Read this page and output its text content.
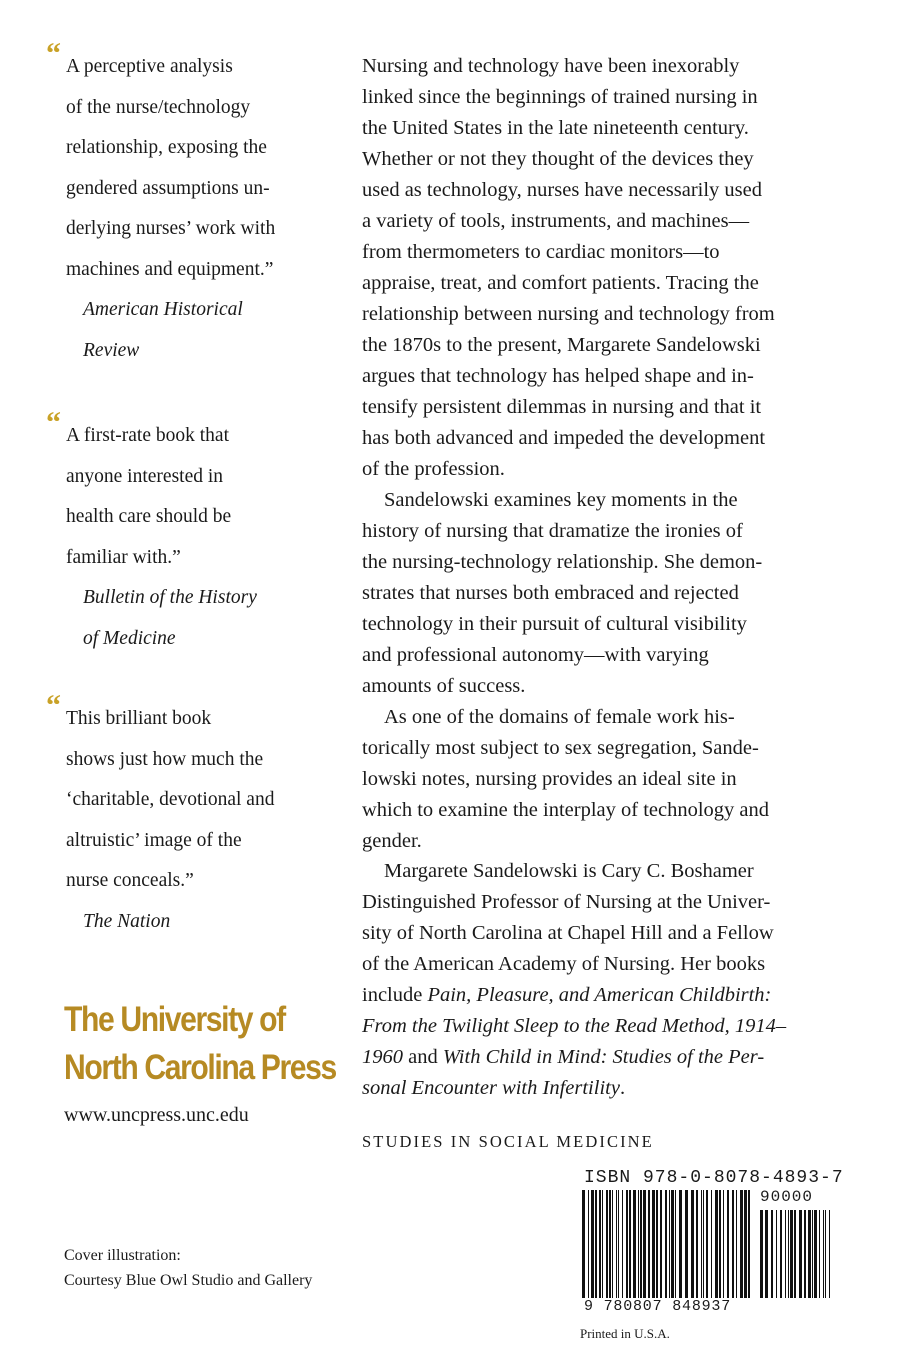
“ A perceptive analysis
of the nurse/technology
relationship, exposing the
gendered assumptions un-
derlying nurses’ work with
machines and equipment.”
American Historical
Review
“ A first-rate book that
anyone interested in
health care should be
familiar with.”
Bulletin of the History
of Medicine
“ This brilliant book
shows just how much the
‘charitable, devotional and
altruistic’ image of the
nurse conceals.”
The Nation
The University of
North Carolina Press
www.uncpress.unc.edu
Cover illustration:
Courtesy Blue Owl Studio and Gallery
Nursing and technology have been inexorably
linked since the beginnings of trained nursing in
the United States in the late nineteenth century.
Whether or not they thought of the devices they
used as technology, nurses have necessarily used
a variety of tools, instruments, and machines—
from thermometers to cardiac monitors—to
appraise, treat, and comfort patients. Tracing the
relationship between nursing and technology from
the 1870s to the present, Margarete Sandelowski
argues that technology has helped shape and in-
tensify persistent dilemmas in nursing and that it
has both advanced and impeded the development
of the profession.
Sandelowski examines key moments in the
history of nursing that dramatize the ironies of
the nursing-technology relationship. She demon-
strates that nurses both embraced and rejected
technology in their pursuit of cultural visibility
and professional autonomy—with varying
amounts of success.
As one of the domains of female work his-
torically most subject to sex segregation, Sande-
lowski notes, nursing provides an ideal site in
which to examine the interplay of technology and
gender.
Margarete Sandelowski is Cary C. Boshamer
Distinguished Professor of Nursing at the Univer-
sity of North Carolina at Chapel Hill and a Fellow
of the American Academy of Nursing. Her books
include Pain, Pleasure, and American Childbirth:
From the Twilight Sleep to the Read Method, 1914–
1960 and With Child in Mind: Studies of the Per-
sonal Encounter with Infertility.
STUDIES IN SOCIAL MEDICINE
ISBN 978-0-8078-4893-7
90000
9 780807 848937
Printed in U.S.A.
